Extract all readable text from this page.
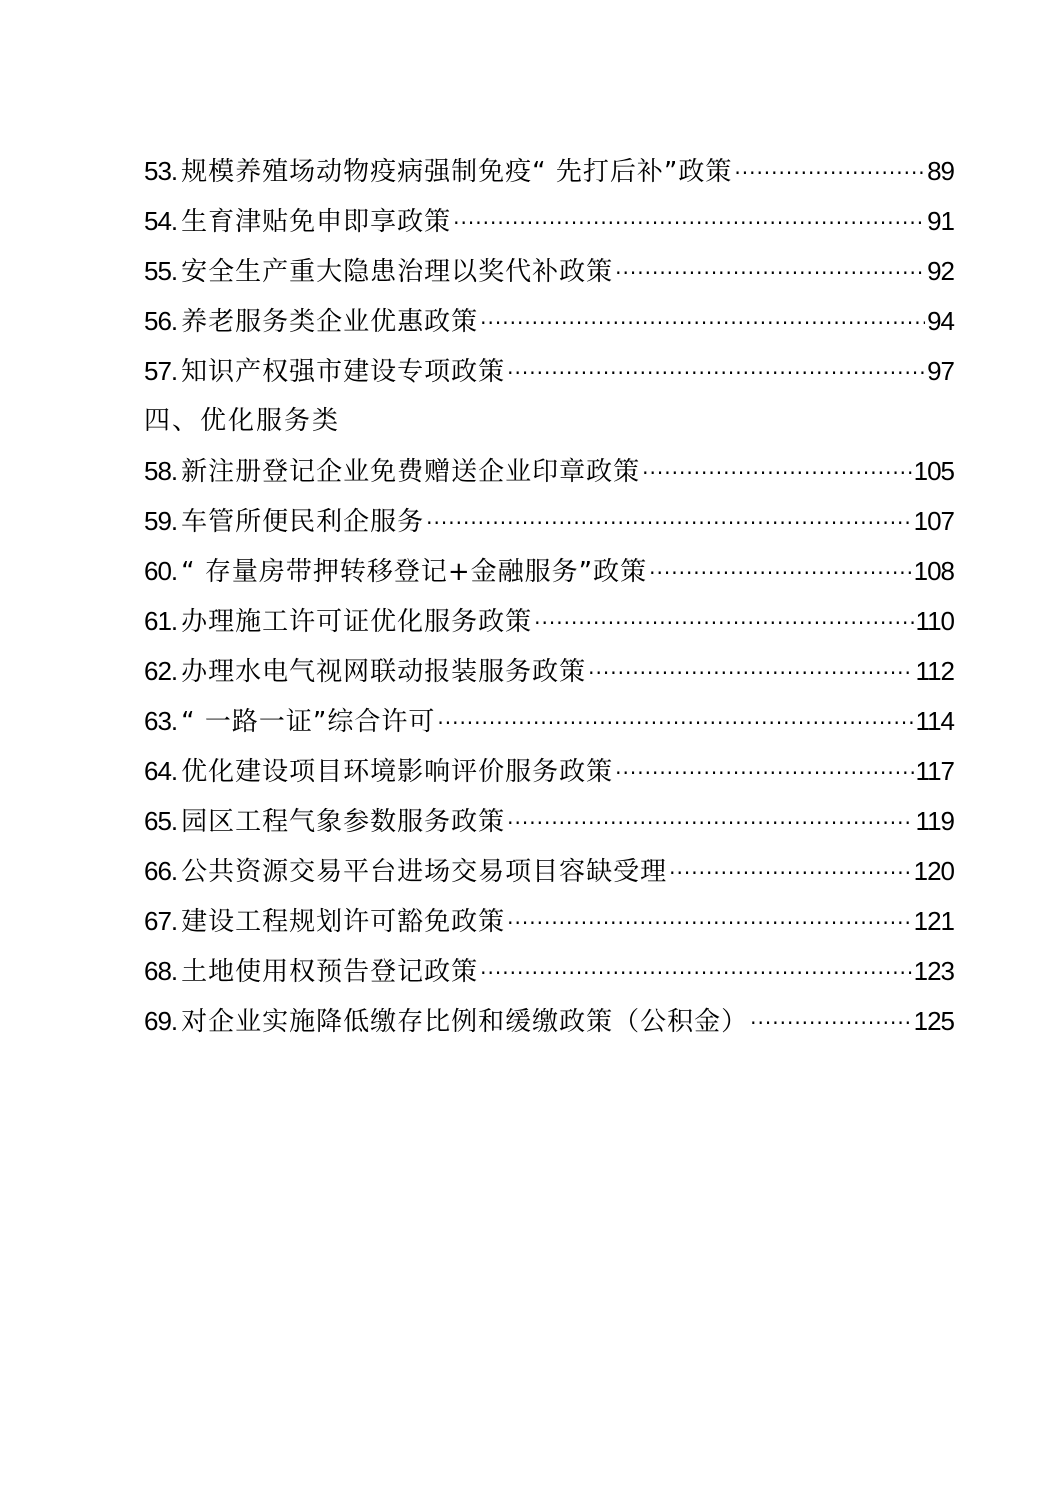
53. 规模养殖场动物疫病强制免疫“ 先打后补”政策 ·····	89
54. 生育津贴免申即享政策 ·····	91
55. 安全生产重大隐患治理以奖代补政策 ·····	92
56. 养老服务类企业优惠政策 ·····	94
57. 知识产权强市建设专项政策 ·····	97
四、优化服务类
58. 新注册登记企业免费赠送企业印章政策 ·····	105
59. 车管所便民利企服务 ·····	107
60. “ 存量房带押转移登记+金融服务”政策 ·····	108
61. 办理施工许可证优化服务政策 ·····	110
62. 办理水电气视网联动报装服务政策 ·····	112
63. “ 一路一证”综合许可 ·····	114
64. 优化建设项目环境影响评价服务政策 ·····	117
65. 园区工程气象参数服务政策 ·····	119
66. 公共资源交易平台进场交易项目容缺受理 ·····	120
67. 建设工程规划许可豁免政策 ·····	121
68. 土地使用权预告登记政策 ·····	123
69. 对企业实施降低缴存比例和缓缴政策（公积金） ·····	125
